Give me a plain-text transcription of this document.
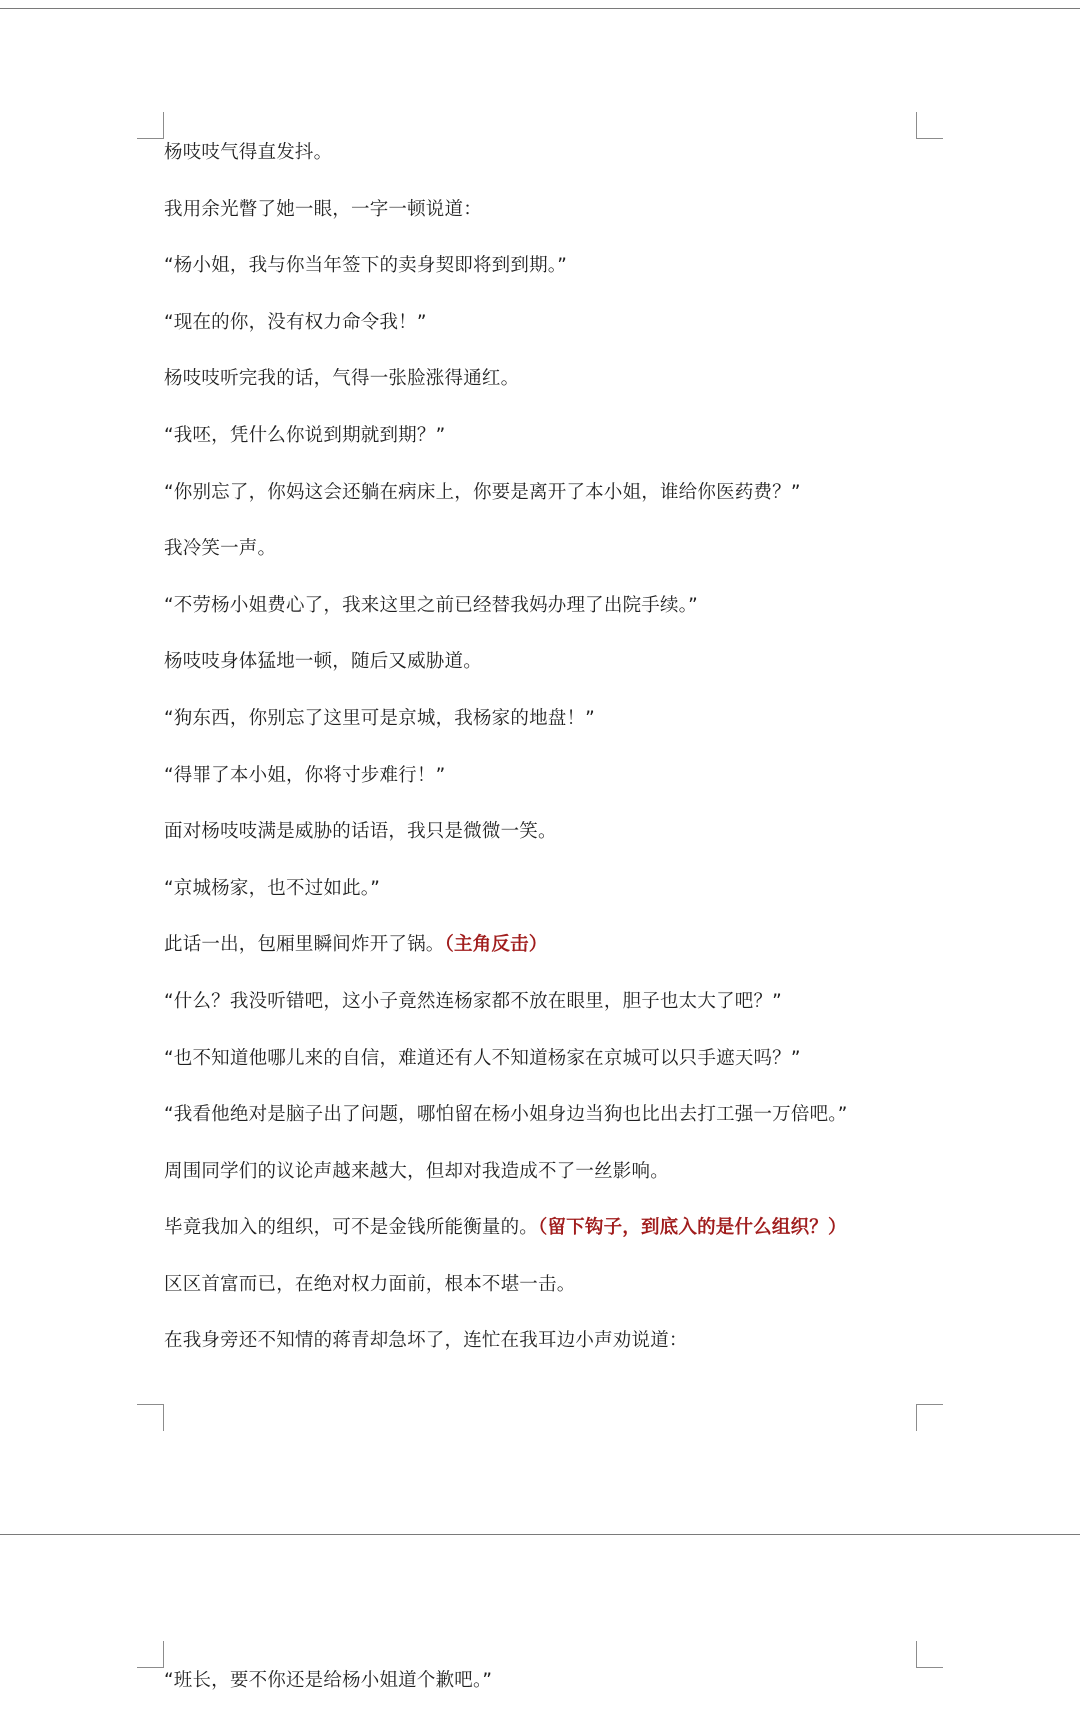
杨吱吱气得直发抖。

我用余光瞥了她一眼，一字一顿说道：

“杨小姐，我与你当年签下的卖身契即将到到期。”

“现在的你，没有权力命令我！”

杨吱吱听完我的话，气得一张脸涨得通红。

“我呸，凭什么你说到期就到期？”

“你别忘了，你妈这会还躺在病床上，你要是离开了本小姐，谁给你医药费？”

我冷笑一声。

“不劳杨小姐费心了，我来这里之前已经替我妈办理了出院手续。”

杨吱吱身体猛地一顿，随后又威胁道。

“狗东西，你别忘了这里可是京城，我杨家的地盘！”

“得罪了本小姐，你将寸步难行！”

面对杨吱吱满是威胁的话语，我只是微微一笑。

“京城杨家，也不过如此。”

此话一出，包厢里瞬间炸开了锅。（主角反击）

“什么？我没听错吧，这小子竟然连杨家都不放在眼里，胆子也太大了吧？”

“也不知道他哪儿来的自信，难道还有人不知道杨家在京城可以只手遮天吗？”

“我看他绝对是脑子出了问题，哪怕留在杨小姐身边当狗也比出去打工强一万倍吧。”

周围同学们的议论声越来越大，但却对我造成不了一丝影响。

毕竟我加入的组织，可不是金钱所能衡量的。（留下钩子，到底入的是什么组织？）

区区首富而已，在绝对权力面前，根本不堪一击。

在我身旁还不知情的蒋青却急坏了，连忙在我耳边小声劝说道：

“班长，要不你还是给杨小姐道个歉吧。”
